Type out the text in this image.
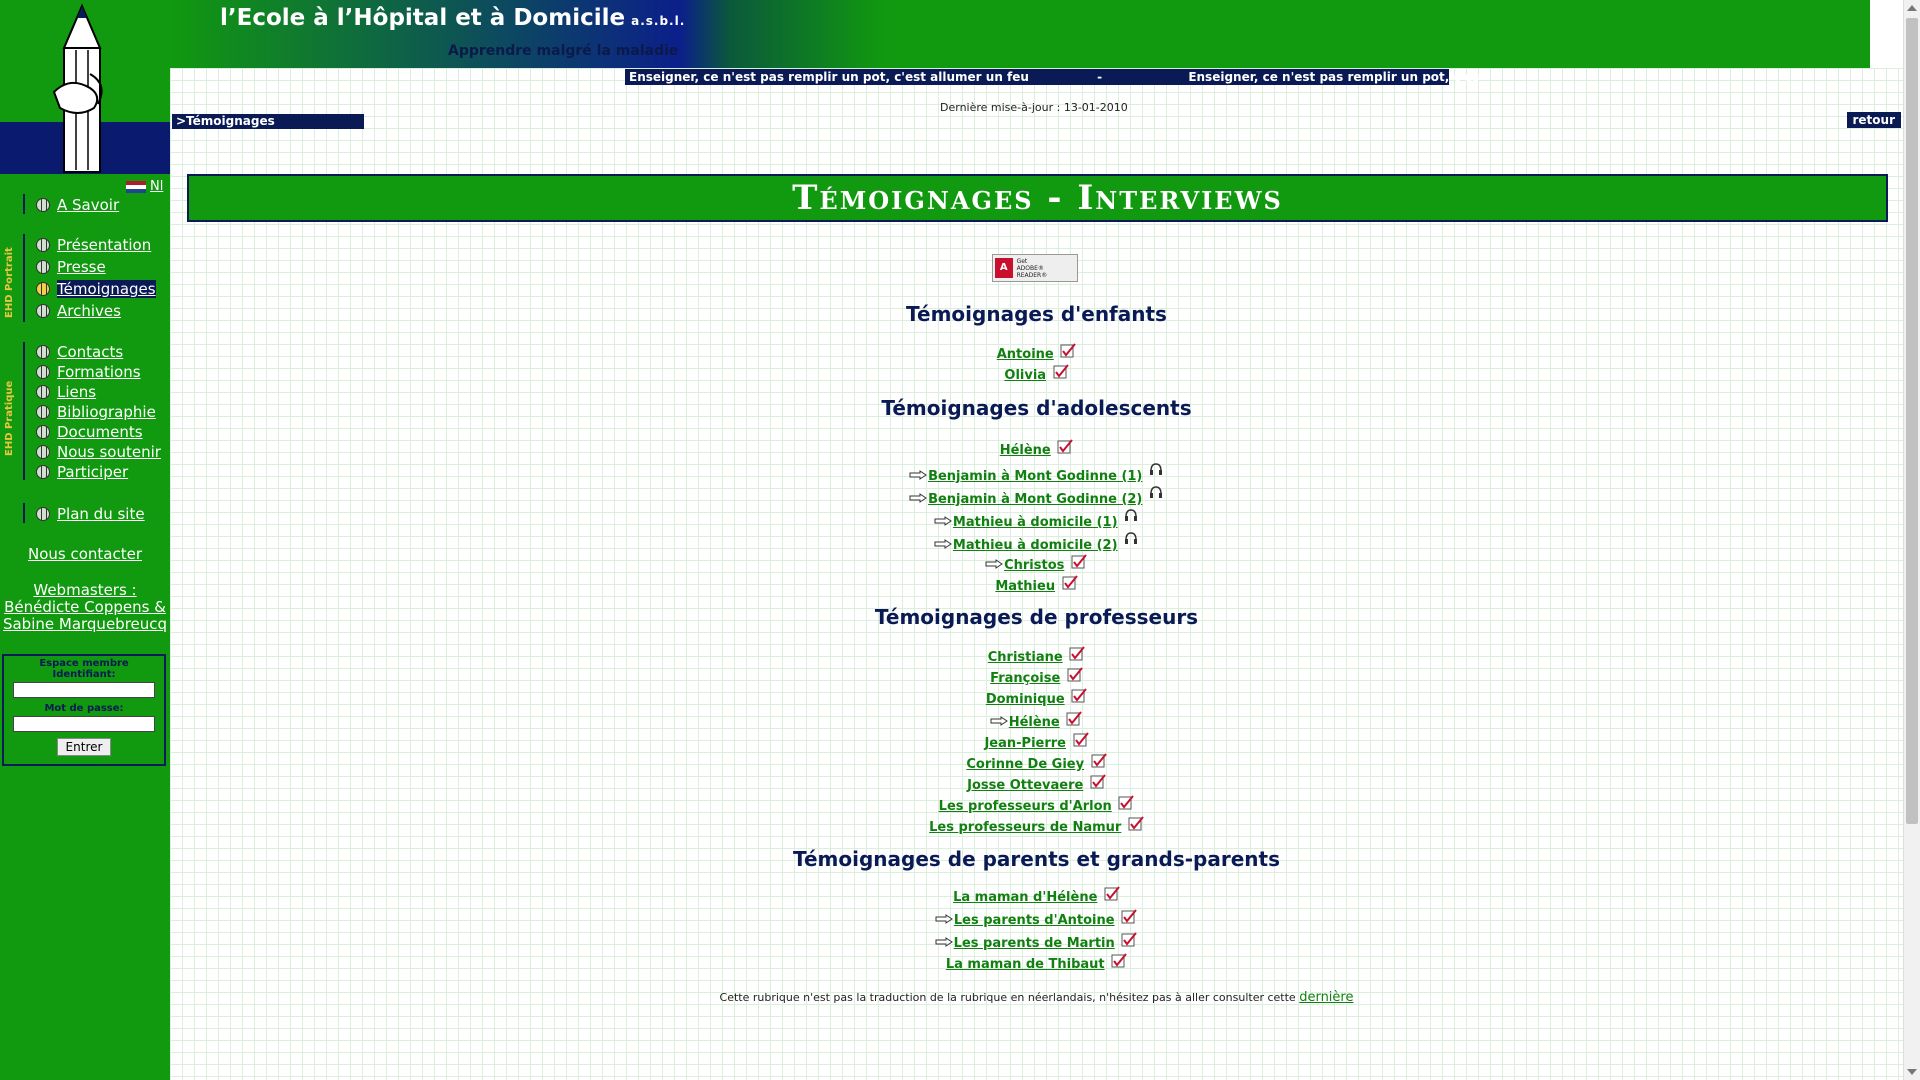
Nl
A Savoir
EHD Portrait
Présentation
Presse
Témoignages
Archives
EHD Pratique
Contacts
Formations
Liens
Bibliographie
Documents
Nous soutenir
Participer
Plan du site
Nous contacter
Webmasters :
Bénédicte Coppens &
Sabine Marquebreucq
Espace membre
Identifiant:
Mot de passe:
Entrer
l’Ecole à l’Hôpital et à Domicile a.s.b.l.
Apprendre malgré la maladie
Enseigner, ce n'est pas remplir un pot, c'est allumer un feu	-	Enseigner, ce n'est pas remplir un pot, c'es
Dernière mise-à-jour : 13-01-2010
>Témoignages	retour
Témoignages - Interviews
A
Get
ADOBE® READER®
Témoignages d'enfants
Antoine
Olivia
Témoignages d'adolescents
Hélène
Benjamin à Mont Godinne (1)
Benjamin à Mont Godinne (2)
Mathieu à domicile (1)
Mathieu à domicile (2)
Christos
Mathieu
Témoignages de professeurs
Christiane
Françoise
Dominique
Hélène
Jean-Pierre
Corinne De Giey
Josse Ottevaere
Les professeurs d'Arlon
Les professeurs de Namur
Témoignages de parents et grands-parents
La maman d'Hélène
Les parents d'Antoine
Les parents de Martin
La maman de Thibaut
Cette rubrique n'est pas la traduction de la rubrique en néerlandais, n'hésitez pas à aller consulter cette dernière
